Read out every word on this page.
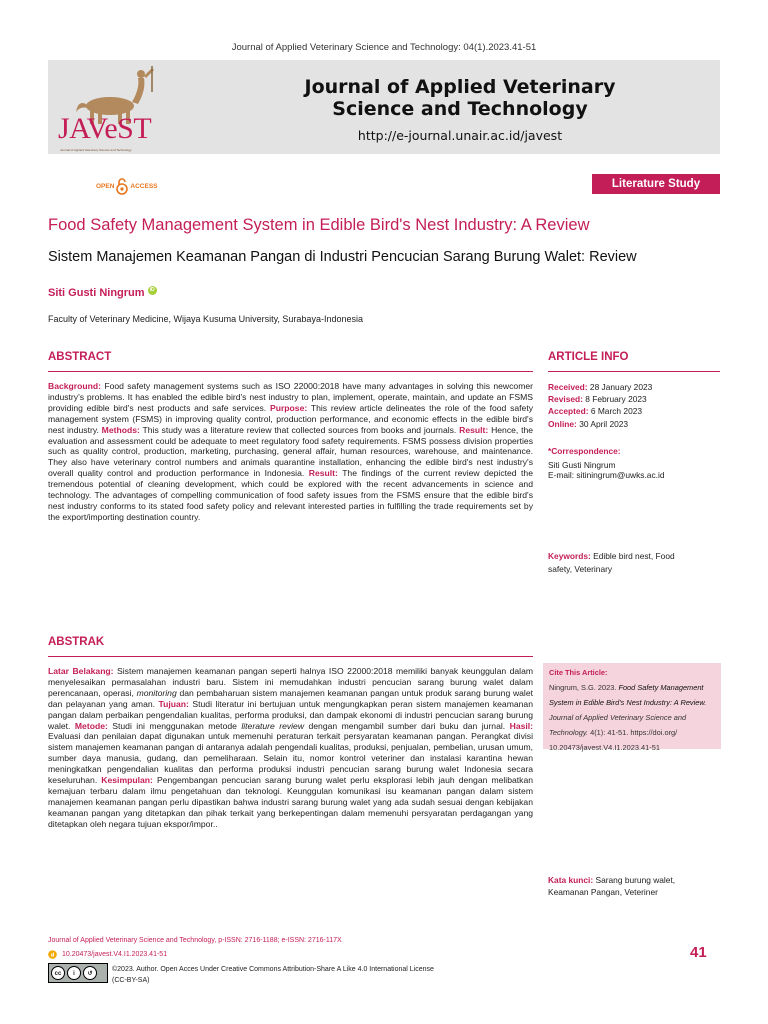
Journal of Applied Veterinary Science and Technology: 04(1).2023.41-51
JAVeST
Journal of Applied Veterinary Science and Technology
Journal of Applied Veterinary
Science and Technology
http://e-journal.unair.ac.id/javest
OPEN ACCESS	Literature Study
Food Safety Management System in Edible Bird's Nest Industry: A Review
Sistem Manajemen Keamanan Pangan di Industri Pencucian Sarang Burung Walet: Review
Siti Gusti Ningrum	iD
Faculty of Veterinary Medicine, Wijaya Kusuma University, Surabaya-Indonesia
ABSTRACT
Background: Food safety management systems such as ISO 22000:2018 have many advantages in solving this newcomer industry's problems. It has enabled the edible bird's nest industry to plan, implement, operate, maintain, and update an FSMS providing edible bird's nest products and safe services. Purpose: This review article delineates the role of the food safety management system (FSMS) in improving quality control, production performance, and economic effects in the edible bird's nest industry. Methods: This study was a literature review that collected sources from books and journals. Result: Hence, the evaluation and assessment could be adequate to meet regulatory food safety requirements. FSMS possess division properties such as quality control, production, marketing, purchasing, general affair, human resources, warehouse, and maintenance. They also have veterinary control numbers and animals quarantine installation, enhancing the edible bird's nest industry's overall quality control and production performance in Indonesia. Result: The findings of the current review depicted the tremendous potential of cleaning development, which could be explored with the recent advancements in science and technology. The advantages of compelling communication of food safety issues from the FSMS ensure that the edible bird's nest industry conforms to its stated food safety policy and relevant interested parties in fulfilling the trade requirements set by the export/importing destination country.
ARTICLE INFO
Received: 28 January 2023
Revised: 8 February 2023
Accepted: 6 March 2023
Online: 30 April 2023
*Correspondence:
Siti Gusti Ningrum
E-mail: sitiningrum@uwks.ac.id
Keywords: Edible bird nest, Food safety, Veterinary
ABSTRAK
Latar Belakang: Sistem manajemen keamanan pangan seperti halnya ISO 22000:2018 memiliki banyak keunggulan dalam menyelesaikan permasalahan industri baru. Sistem ini memudahkan industri pencucian sarang burung walet dalam perencanaan, operasi, monitoring dan pembaharuan sistem manajemen keamanan pangan untuk produk sarang burung walet dan pelayanan yang aman. Tujuan: Studi literatur ini bertujuan untuk mengungkapkan peran sistem manajemen keamanan pangan dalam perbaikan pengendalian kualitas, performa produksi, dan dampak ekonomi di industri pencucian sarang burung walet. Metode: Studi ini menggunakan metode literature review dengan mengambil sumber dari buku dan jurnal. Hasil: Evaluasi dan penilaian dapat digunakan untuk memenuhi peraturan terkait persyaratan keamanan pangan. Perangkat divisi sistem manajemen keamanan pangan di antaranya adalah pengendali kualitas, produksi, penjualan, pembelian, urusan umum, sumber daya manusia, gudang, dan pemeliharaan. Selain itu, nomor kontrol veteriner dan instalasi karantina hewan meningkatkan pengendalian kualitas dan performa produksi industri pencucian sarang burung walet Indonesia secara keseluruhan. Kesimpulan: Pengembangan pencucian sarang burung walet perlu eksplorasi lebih jauh dengan melibatkan kemajuan terbaru dalam ilmu pengetahuan dan teknologi. Keunggulan komunikasi isu keamanan pangan dalam sistem manajemen keamanan pangan perlu dipastikan bahwa industri sarang burung walet yang ada sudah sesuai dengan kebijakan keamanan pangan yang ditetapkan dan pihak terkait yang berkepentingan dalam memenuhi persyaratan perdagangan yang ditetapkan oleh negara tujuan ekspor/impor..
Cite This Article:
Ningrum, S.G. 2023. Food Safety Management System in Edible Bird's Nest Industry: A Review. Journal of Applied Veterinary Science and Technology. 4(1): 41-51. https://doi.org/ 10.20473/javest.V4.I1.2023.41-51
Kata kunci: Sarang burung walet, Keamanan Pangan, Veteriner
Journal of Applied Veterinary Science and Technology, p-ISSN: 2716-1188; e-ISSN: 2716-117X
d 10.20473/javest.V4.I1.2023.41-51
cc	i	↺
©2023. Author. Open Acces Under Creative Commons Attribution-Share A Like 4.0 International License
(CC-BY-SA)
41
